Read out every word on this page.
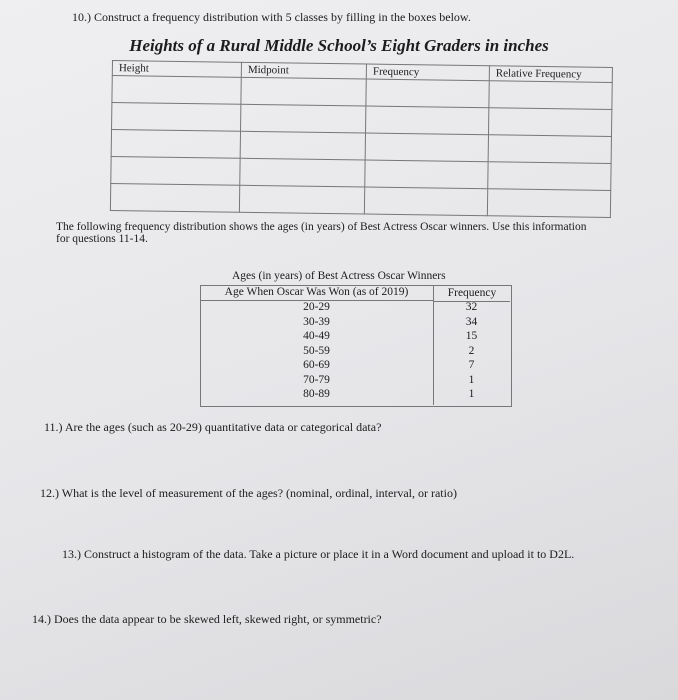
10.) Construct a frequency distribution with 5 classes by filling in the boxes below.
Heights of a Rural Middle School’s Eight Graders in inches
Height	Midpoint	Frequency	Relative Frequency

The following frequency distribution shows the ages (in years) of Best Actress Oscar winners. Use this information for questions 11-14.
Ages (in years) of Best Actress Oscar Winners
Age When Oscar Was Won (as of 2019)	Frequency
20-29	32
30-39	34
40-49	15
50-59	2
60-69	7
70-79	1
80-89	1
11.) Are the ages (such as 20-29) quantitative data or categorical data?
12.) What is the level of measurement of the ages? (nominal, ordinal, interval, or ratio)
13.) Construct a histogram of the data. Take a picture or place it in a Word document and upload it to D2L.
14.) Does the data appear to be skewed left, skewed right, or symmetric?
